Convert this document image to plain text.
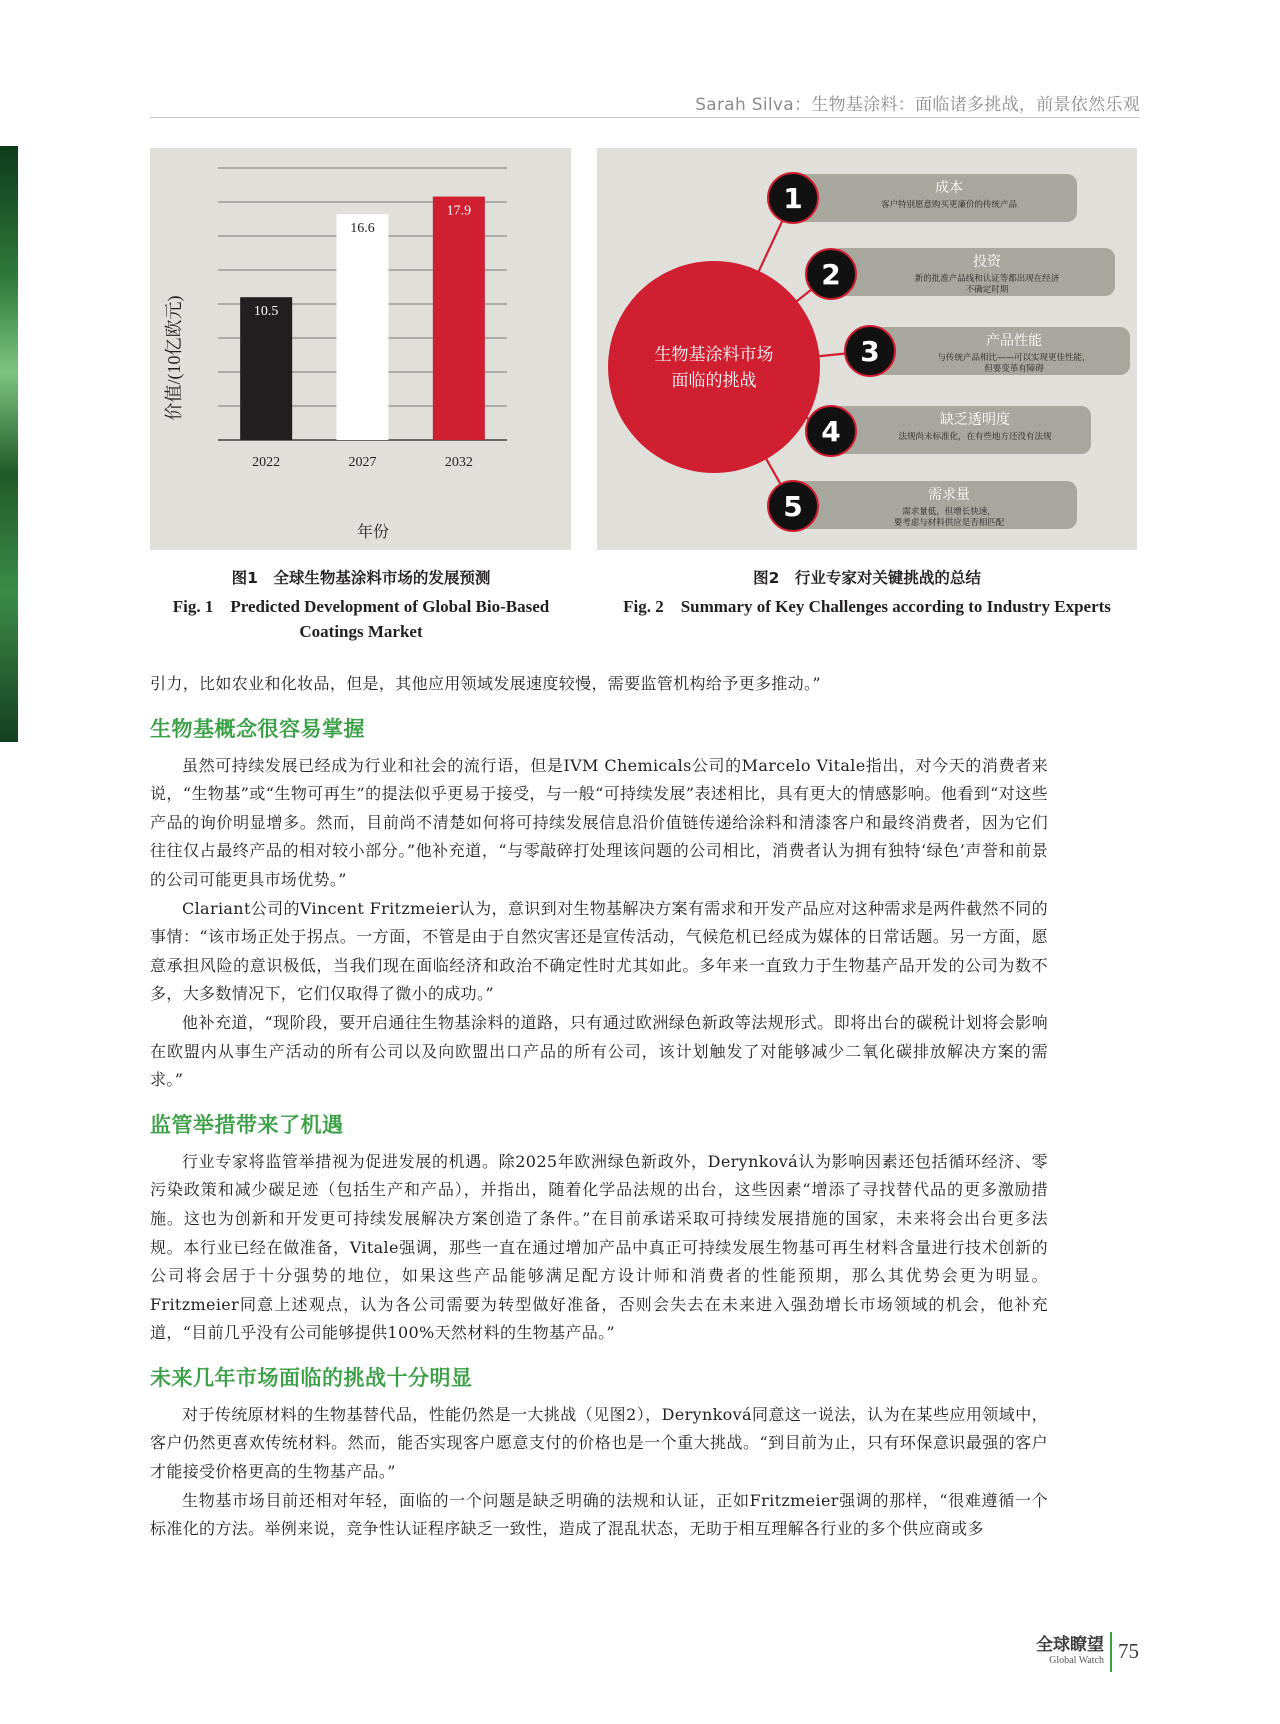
Sarah Silva：生物基涂料：面临诸多挑战，前景依然乐观
价值/(10亿欧元)
年份
10.5
2022
16.6
2027
17.9
2032
图1　全球生物基涂料市场的发展预测
Fig. 1　Predicted Development of Global Bio-Based Coatings Market
成本
客户特别愿意购买更廉价的传统产品
投资
新的批准产品线和认证等都出现在经济
不确定时期
产品性能
与传统产品相比——可以实现更佳性能，
但要变革有障碍
缺乏透明度
法规尚未标准化，在有些地方还没有法规
需求量
需求量低，但增长快速，
要考虑与材料供应是否相匹配
生物基涂料市场
面临的挑战
1
2
3
4
5
图2　行业专家对关键挑战的总结
Fig. 2　Summary of Key Challenges according to Industry Experts

引力，比如农业和化妆品，但是，其他应用领域发展速度较慢，需要监管机构给予更多推动。”

生物基概念很容易掌握

虽然可持续发展已经成为行业和社会的流行语，但是IVM Chemicals公司的Marcelo Vitale指出，对今天的消费者来说，“生物基”或“生物可再生”的提法似乎更易于接受，与一般“可持续发展”表述相比，具有更大的情感影响。他看到“对这些产品的询价明显增多。然而，目前尚不清楚如何将可持续发展信息沿价值链传递给涂料和清漆客户和最终消费者，因为它们往往仅占最终产品的相对较小部分。”他补充道，“与零敲碎打处理该问题的公司相比，消费者认为拥有独特‘绿色’声誉和前景的公司可能更具市场优势。”

Clariant公司的Vincent Fritzmeier认为，意识到对生物基解决方案有需求和开发产品应对这种需求是两件截然不同的事情：“该市场正处于拐点。一方面，不管是由于自然灾害还是宣传活动，气候危机已经成为媒体的日常话题。另一方面，愿意承担风险的意识极低，当我们现在面临经济和政治不确定性时尤其如此。多年来一直致力于生物基产品开发的公司为数不多，大多数情况下，它们仅取得了微小的成功。”

他补充道，“现阶段，要开启通往生物基涂料的道路，只有通过欧洲绿色新政等法规形式。即将出台的碳税计划将会影响在欧盟内从事生产活动的所有公司以及向欧盟出口产品的所有公司，该计划触发了对能够减少二氧化碳排放解决方案的需求。”

监管举措带来了机遇

行业专家将监管举措视为促进发展的机遇。除2025年欧洲绿色新政外，Derynková认为影响因素还包括循环经济、零污染政策和减少碳足迹（包括生产和产品），并指出，随着化学品法规的出台，这些因素“增添了寻找替代品的更多激励措施。这也为创新和开发更可持续发展解决方案创造了条件。”在目前承诺采取可持续发展措施的国家，未来将会出台更多法规。本行业已经在做准备，Vitale强调，那些一直在通过增加产品中真正可持续发展生物基可再生材料含量进行技术创新的公司将会居于十分强势的地位，如果这些产品能够满足配方设计师和消费者的性能预期，那么其优势会更为明显。Fritzmeier同意上述观点，认为各公司需要为转型做好准备，否则会失去在未来进入强劲增长市场领域的机会，他补充道，“目前几乎没有公司能够提供100%天然材料的生物基产品。”

未来几年市场面临的挑战十分明显

对于传统原材料的生物基替代品，性能仍然是一大挑战（见图2），Derynková同意这一说法，认为在某些应用领域中，客户仍然更喜欢传统材料。然而，能否实现客户愿意支付的价格也是一个重大挑战。“到目前为止，只有环保意识最强的客户才能接受价格更高的生物基产品。”

生物基市场目前还相对年轻，面临的一个问题是缺乏明确的法规和认证，正如Fritzmeier强调的那样，“很难遵循一个标准化的方法。举例来说，竞争性认证程序缺乏一致性，造成了混乱状态，无助于相互理解各行业的多个供应商或多

全球瞭望
Global Watch 75
